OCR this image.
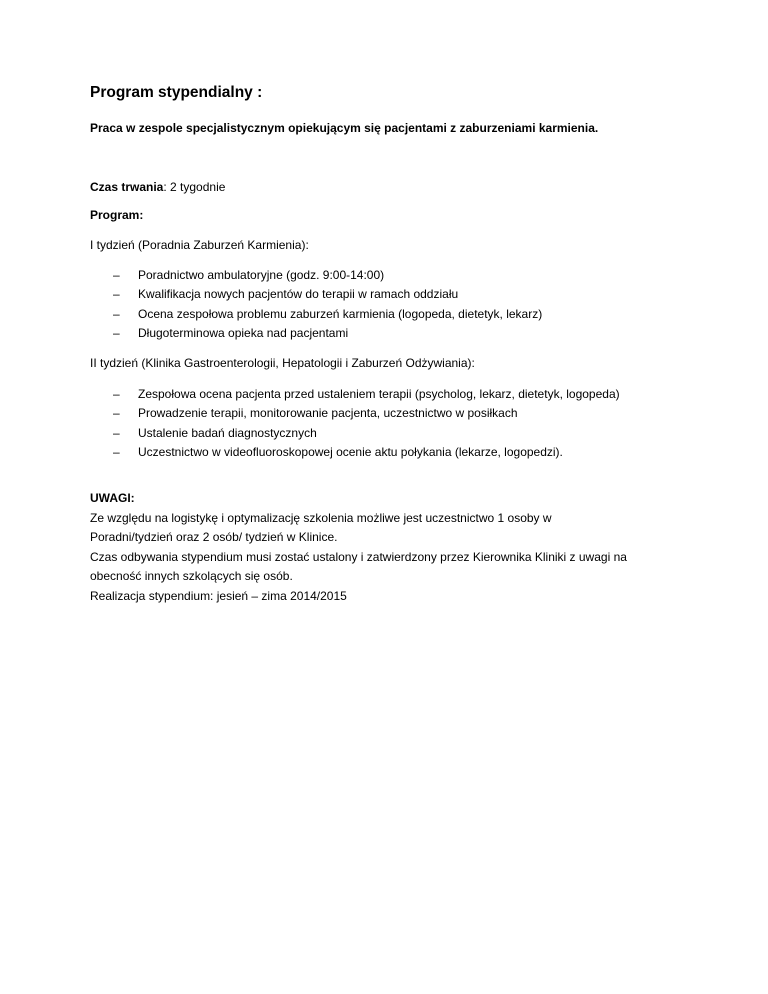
Program stypendialny :
Praca w zespole specjalistycznym opiekującym się pacjentami z zaburzeniami karmienia.
Czas trwania: 2 tygodnie
Program:
I tydzień (Poradnia Zaburzeń Karmienia):
– Poradnictwo ambulatoryjne (godz. 9:00-14:00)
– Kwalifikacja nowych pacjentów do terapii w ramach oddziału
– Ocena zespołowa problemu zaburzeń karmienia (logopeda, dietetyk, lekarz)
– Długoterminowa opieka nad pacjentami
II tydzień (Klinika Gastroenterologii, Hepatologii i Zaburzeń Odżywiania):
– Zespołowa ocena pacjenta przed ustaleniem terapii (psycholog, lekarz, dietetyk, logopeda)
– Prowadzenie terapii, monitorowanie pacjenta, uczestnictwo w posiłkach
– Ustalenie badań diagnostycznych
– Uczestnictwo w videofluoroskopowej ocenie aktu połykania (lekarze, logopedzi).
UWAGI:
Ze względu na logistykę i optymalizację szkolenia możliwe jest uczestnictwo 1 osoby w
Poradni/tydzień oraz 2 osób/ tydzień w Klinice.
Czas odbywania stypendium musi zostać ustalony i zatwierdzony przez Kierownika Kliniki z uwagi na
obecność innych szkolących się osób.
Realizacja stypendium: jesień – zima 2014/2015
